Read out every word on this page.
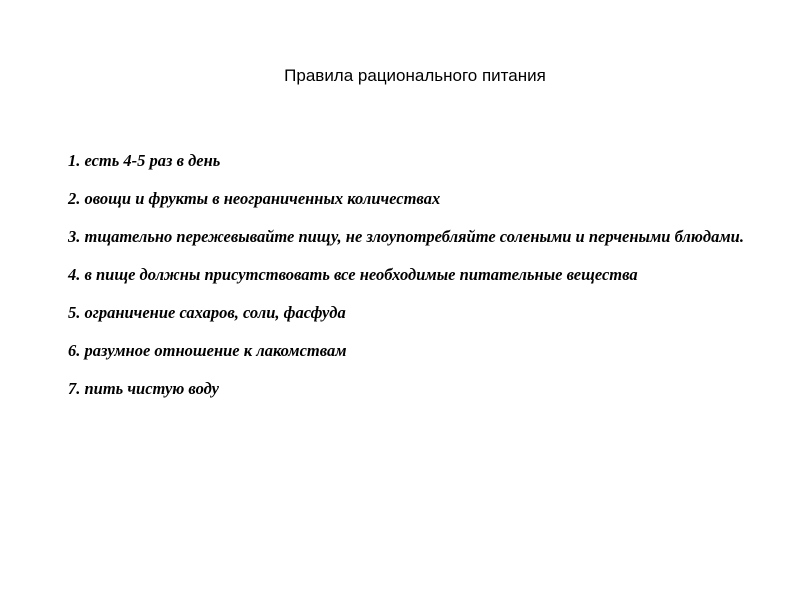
Правила рационального питания
1. есть 4-5 раз в день
2. овощи и фрукты в неограниченных количествах
3. тщательно пережевывайте пищу, не злоупотребляйте солеными и перчеными блюдами.
4. в пище должны присутствовать все необходимые питательные вещества
5. ограничение сахаров, соли, фасфуда
6. разумное отношение к лакомствам
7. пить чистую воду
